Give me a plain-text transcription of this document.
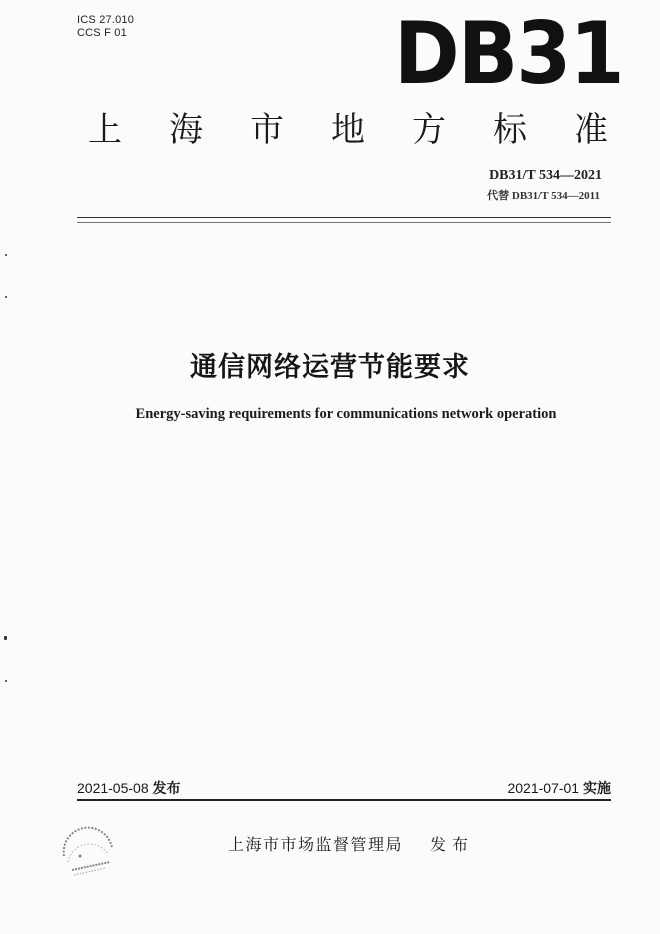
ICS 27.010
CCS F 01	DB31
上 海 市 地 方 标 准
DB31/T 534—2021
代替 DB31/T 534—2011
通信网络运营节能要求
Energy-saving requirements for communications network operation
2021-05-08 发布	2021-07-01 实施
上海市市场监督管理局 发布
